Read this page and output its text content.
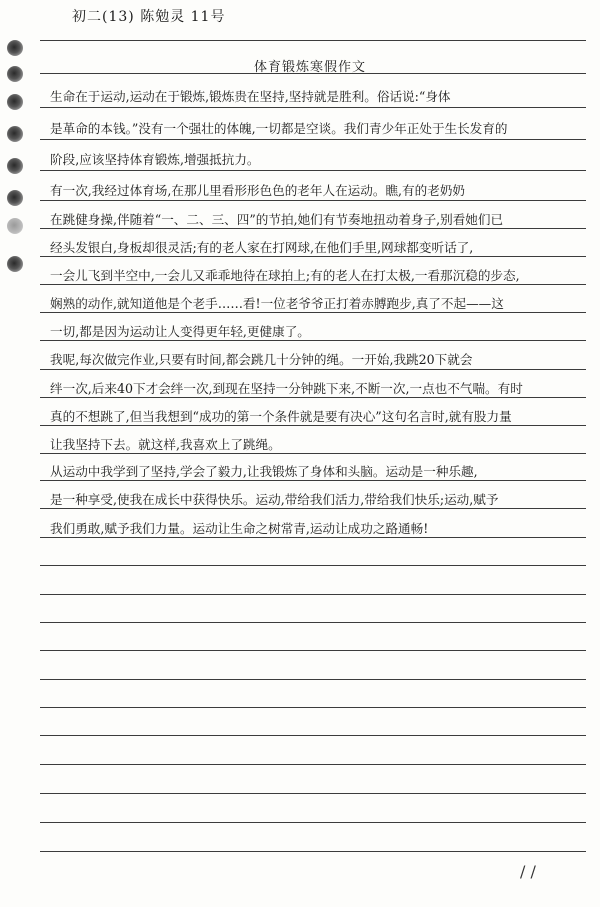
初二(13) 陈勉灵 11号
体育锻炼寒假作文
生命在于运动,运动在于锻炼,锻炼贵在坚持,坚持就是胜利。俗话说:“身体
是革命的本钱。”没有一个强壮的体魄,一切都是空谈。我们青少年正处于生长发育的
阶段,应该坚持体育锻炼,增强抵抗力。
有一次,我经过体育场,在那儿里看形形色色的老年人在运动。瞧,有的老奶奶
在跳健身操,伴随着“一、二、三、四”的节拍,她们有节奏地扭动着身子,别看她们已
经头发银白,身板却很灵活;有的老人家在打网球,在他们手里,网球都变听话了,
一会儿飞到半空中,一会儿又乖乖地待在球拍上;有的老人在打太极,一看那沉稳的步态,
娴熟的动作,就知道他是个老手……看!一位老爷爷正打着赤膊跑步,真了不起——这
一切,都是因为运动让人变得更年轻,更健康了。
我呢,每次做完作业,只要有时间,都会跳几十分钟的绳。一开始,我跳20下就会
绊一次,后来40下才会绊一次,到现在坚持一分钟跳下来,不断一次,一点也不气喘。有时
真的不想跳了,但当我想到“成功的第一个条件就是要有决心”这句名言时,就有股力量
让我坚持下去。就这样,我喜欢上了跳绳。
从运动中我学到了坚持,学会了毅力,让我锻炼了身体和头脑。运动是一种乐趣,
是一种享受,使我在成长中获得快乐。运动,带给我们活力,带给我们快乐;运动,赋予
我们勇敢,赋予我们力量。运动让生命之树常青,运动让成功之路通畅!
/ /
